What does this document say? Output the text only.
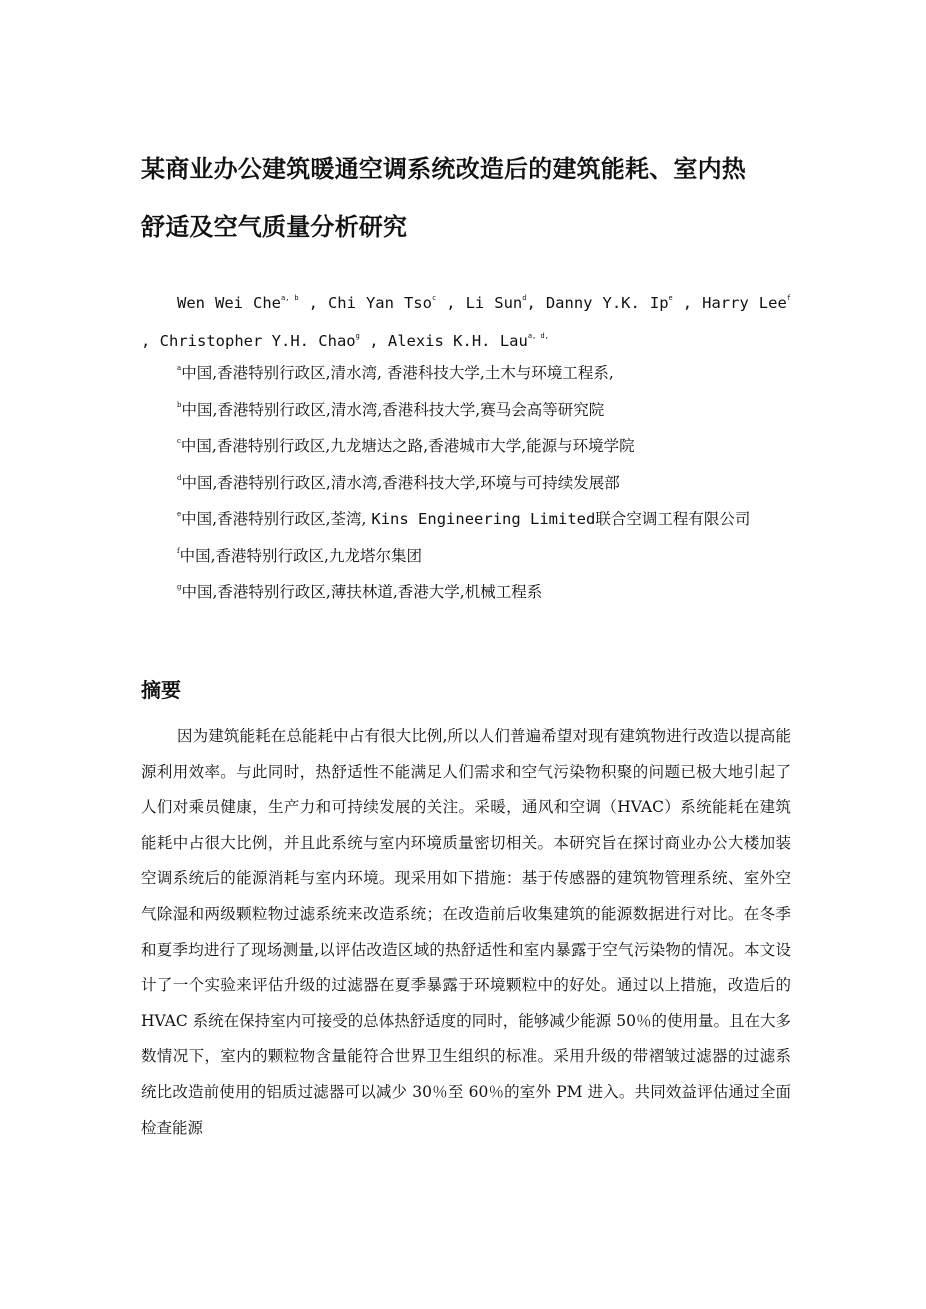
某商业办公建筑暖通空调系统改造后的建筑能耗、室内热
舒适及空气质量分析研究
Wen Wei Che$^{a, b}$ , Chi Yan Tso$^c$ , Li Sun$^d$, Danny Y.K. Ip$^e$ , Harry Lee$^f$ , Christopher Y.H. Chao$^g$ , Alexis K.H. Lau$^{a, d,}$
$^a$中国,香港特别行政区,清水湾, 香港科技大学,土木与环境工程系,
$^b$中国,香港特别行政区,清水湾,香港科技大学,赛马会高等研究院
$^c$中国,香港特别行政区,九龙塘达之路,香港城市大学,能源与环境学院
$^d$中国,香港特别行政区,清水湾,香港科技大学,环境与可持续发展部
$^e$中国,香港特别行政区,荃湾, Kins Engineering Limited联合空调工程有限公司
$^f$中国,香港特别行政区,九龙塔尔集团
$^g$中国,香港特别行政区,薄扶林道,香港大学,机械工程系
摘要
因为建筑能耗在总能耗中占有很大比例,所以人们普遍希望对现有建筑物进行改造以提高能源利用效率。与此同时，热舒适性不能满足人们需求和空气污染物积聚的问题已极大地引起了人们对乘员健康，生产力和可持续发展的关注。采暖，通风和空调（HVAC）系统能耗在建筑能耗中占很大比例，并且此系统与室内环境质量密切相关。本研究旨在探讨商业办公大楼加装空调系统后的能源消耗与室内环境。现采用如下措施：基于传感器的建筑物管理系统、室外空气除湿和两级颗粒物过滤系统来改造系统；在改造前后收集建筑的能源数据进行对比。在冬季和夏季均进行了现场测量,以评估改造区域的热舒适性和室内暴露于空气污染物的情况。本文设计了一个实验来评估升级的过滤器在夏季暴露于环境颗粒中的好处。通过以上措施，改造后的 HVAC 系统在保持室内可接受的总体热舒适度的同时，能够减少能源 50％的使用量。且在大多数情况下，室内的颗粒物含量能符合世界卫生组织的标准。采用升级的带褶皱过滤器的过滤系统比改造前使用的铝质过滤器可以减少 30％至 60％的室外 PM 进入。共同效益评估通过全面检查能源
